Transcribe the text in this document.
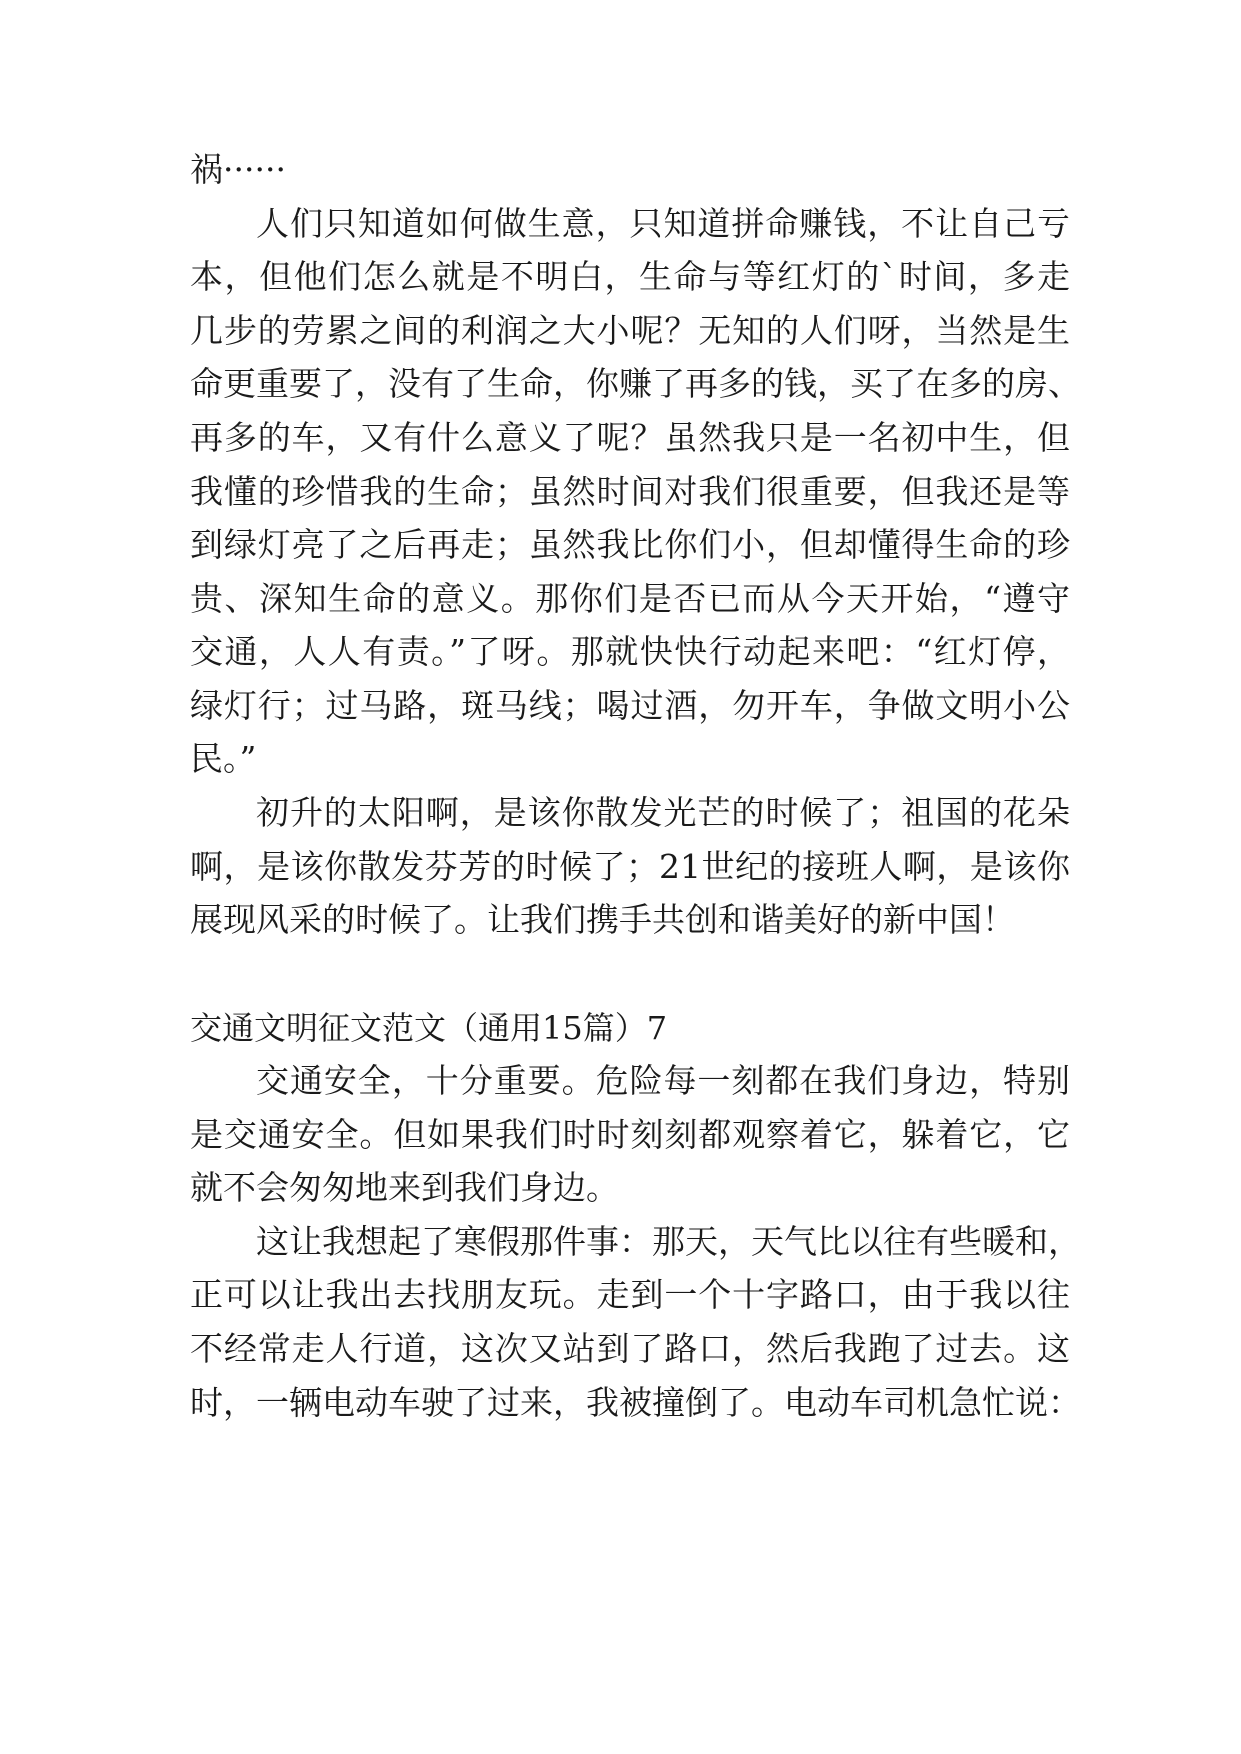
祸······
人们只知道如何做生意，只知道拼命赚钱，不让自己亏
本，但他们怎么就是不明白，生命与等红灯的`时间，多走
几步的劳累之间的利润之大小呢？无知的人们呀，当然是生
命更重要了，没有了生命，你赚了再多的钱，买了在多的房、
再多的车，又有什么意义了呢？虽然我只是一名初中生，但
我懂的珍惜我的生命；虽然时间对我们很重要，但我还是等
到绿灯亮了之后再走；虽然我比你们小，但却懂得生命的珍
贵、深知生命的意义。那你们是否已而从今天开始，“遵守
交通，人人有责。”了呀。那就快快行动起来吧：“红灯停，
绿灯行；过马路，斑马线；喝过酒，勿开车，争做文明小公
民。”
初升的太阳啊，是该你散发光芒的时候了；祖国的花朵
啊，是该你散发芬芳的时候了；21世纪的接班人啊，是该你
展现风采的时候了。让我们携手共创和谐美好的新中国！
交通文明征文范文（通用15篇）7
交通安全，十分重要。危险每一刻都在我们身边，特别
是交通安全。但如果我们时时刻刻都观察着它，躲着它，它
就不会匆匆地来到我们身边。
这让我想起了寒假那件事：那天，天气比以往有些暖和，
正可以让我出去找朋友玩。走到一个十字路口，由于我以往
不经常走人行道，这次又站到了路口，然后我跑了过去。这
时，一辆电动车驶了过来，我被撞倒了。电动车司机急忙说：
